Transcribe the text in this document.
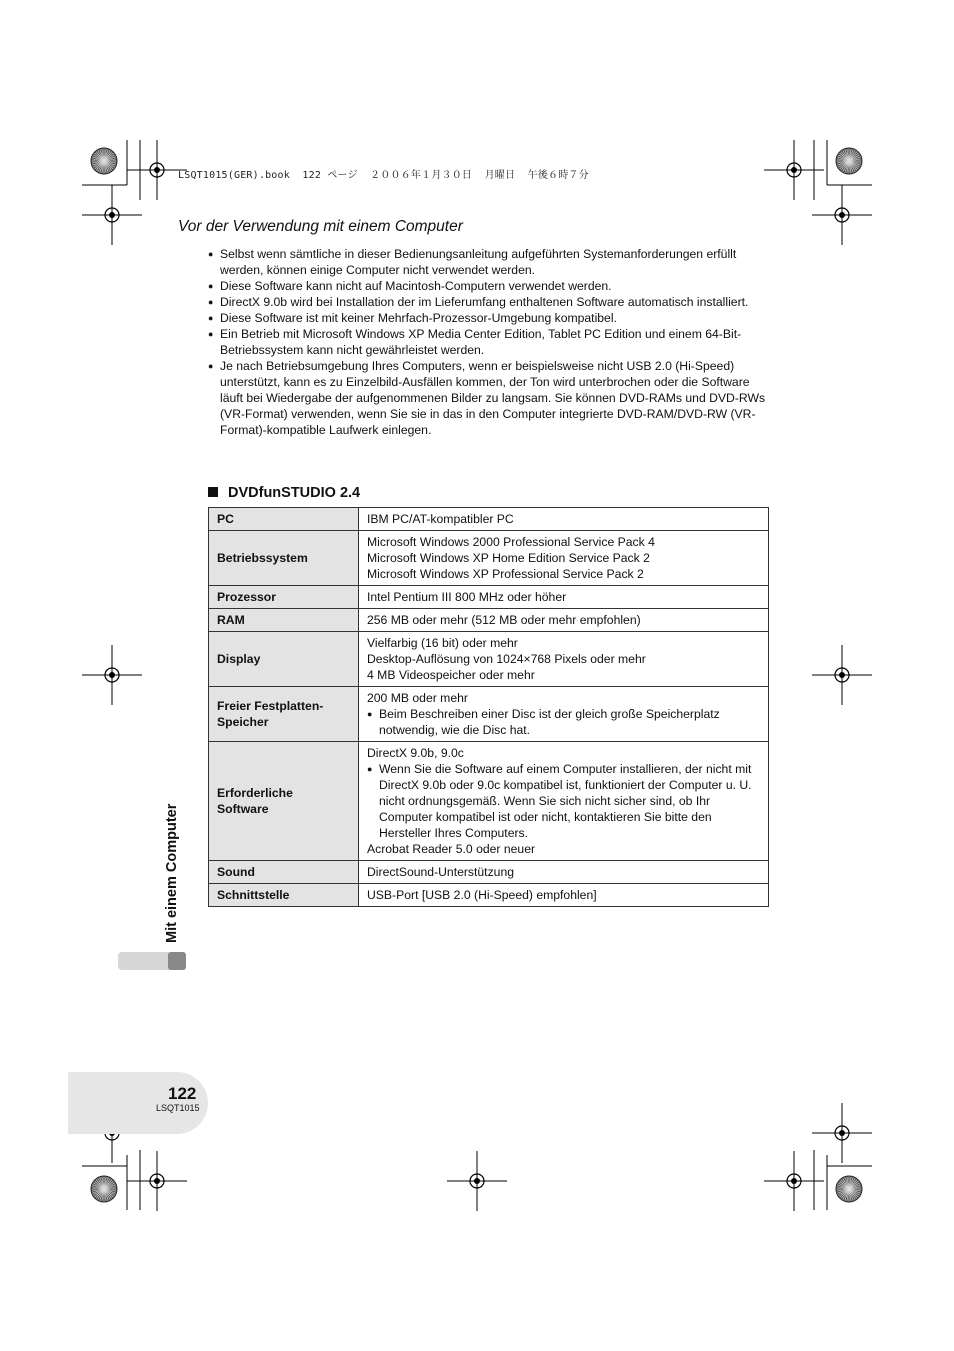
LSQT1015(GER).book  122 ページ  ２００６年１月３０日  月曜日  午後６時７分
Vor der Verwendung mit einem Computer
● Selbst wenn sämtliche in dieser Bedienungsanleitung aufgeführten Systemanforderungen erfüllt werden, können einige Computer nicht verwendet werden.
● Diese Software kann nicht auf Macintosh-Computern verwendet werden.
● DirectX 9.0b wird bei Installation der im Lieferumfang enthaltenen Software automatisch installiert.
● Diese Software ist mit keiner Mehrfach-Prozessor-Umgebung kompatibel.
● Ein Betrieb mit Microsoft Windows XP Media Center Edition, Tablet PC Edition und einem 64-Bit-Betriebssystem kann nicht gewährleistet werden.
● Je nach Betriebsumgebung Ihres Computers, wenn er beispielsweise nicht USB 2.0 (Hi-Speed) unterstützt, kann es zu Einzelbild-Ausfällen kommen, der Ton wird unterbrochen oder die Software läuft bei Wiedergabe der aufgenommenen Bilder zu langsam. Sie können DVD-RAMs und DVD-RWs (VR-Format) verwenden, wenn Sie sie in das in den Computer integrierte DVD-RAM/DVD-RW (VR-Format)-kompatible Laufwerk einlegen.
DVDfunSTUDIO 2.4
PC	IBM PC/AT-kompatibler PC
Betriebssystem	Microsoft Windows 2000 Professional Service Pack 4
Microsoft Windows XP Home Edition Service Pack 2
Microsoft Windows XP Professional Service Pack 2

Prozessor	Intel Pentium III 800 MHz oder höher
RAM	256 MB oder mehr (512 MB oder mehr empfohlen)
Display	Vielfarbig (16 bit) oder mehr
Desktop-Auflösung von 1024×768 Pixels oder mehr
4 MB Videospeicher oder mehr

Freier Festplatten-
Speicher	200 MB oder mehr
● Beim Beschreiben einer Disc ist der gleich große Speicherplatz notwendig, wie die Disc hat.

Erforderliche
Software	DirectX 9.0b, 9.0c
● Wenn Sie die Software auf einem Computer installieren, der nicht mit DirectX 9.0b oder 9.0c kompatibel ist, funktioniert der Computer u. U. nicht ordnungsgemäß. Wenn Sie sich nicht sicher sind, ob Ihr Computer kompatibel ist oder nicht, kontaktieren Sie bitte den Hersteller Ihres Computers.
Acrobat Reader 5.0 oder neuer

Sound	DirectSound-Unterstützung
Schnittstelle	USB-Port [USB 2.0 (Hi-Speed) empfohlen]
Mit einem Computer
122
LSQT1015
